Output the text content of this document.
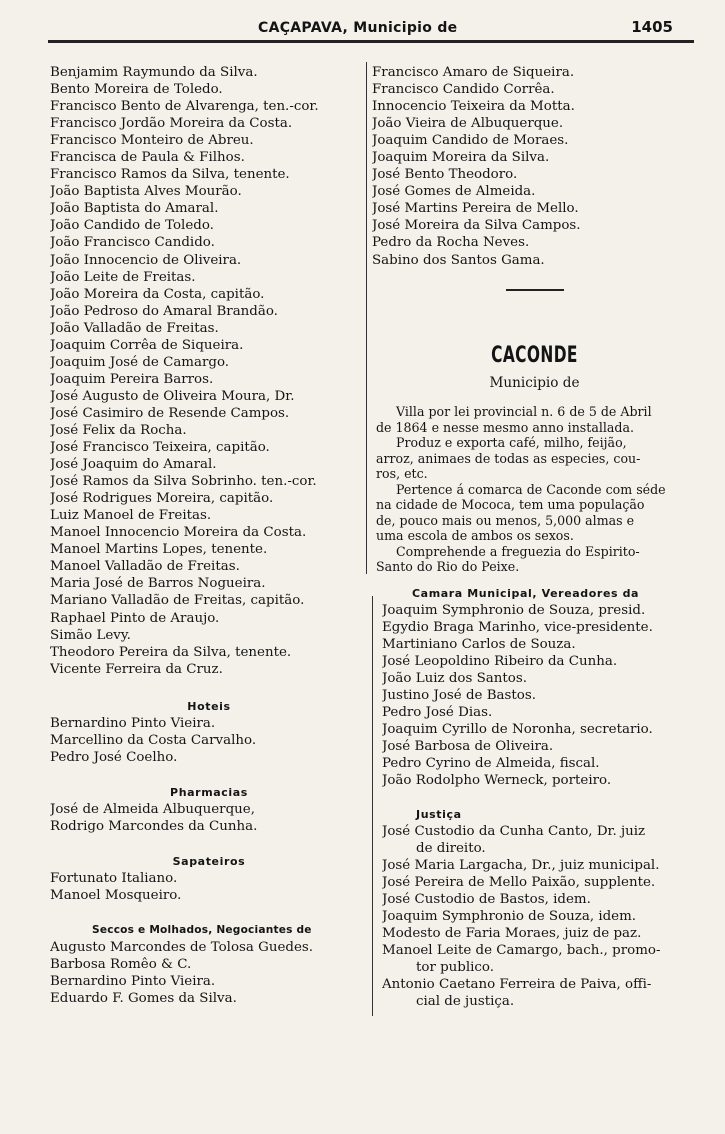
CAÇAPAVA, Municipio de	1405
Benjamim Raymundo da Silva.
Bento Moreira de Toledo.
Francisco Bento de Alvarenga, ten.-cor.
Francisco Jordão Moreira da Costa.
Francisco Monteiro de Abreu.
Francisca de Paula & Filhos.
Francisco Ramos da Silva, tenente.
João Baptista Alves Mourão.
João Baptista do Amaral.
João Candido de Toledo.
João Francisco Candido.
João Innocencio de Oliveira.
João Leite de Freitas.
João Moreira da Costa, capitão.
João Pedroso do Amaral Brandão.
João Valladão de Freitas.
Joaquim Corrêa de Siqueira.
Joaquim José de Camargo.
Joaquim Pereira Barros.
José Augusto de Oliveira Moura, Dr.
José Casimiro de Resende Campos.
José Felix da Rocha.
José Francisco Teixeira, capitão.
José Joaquim do Amaral.
José Ramos da Silva Sobrinho. ten.-cor.
José Rodrigues Moreira, capitão.
Luiz Manoel de Freitas.
Manoel Innocencio Moreira da Costa.
Manoel Martins Lopes, tenente.
Manoel Valladão de Freitas.
Maria José de Barros Nogueira.
Mariano Valladão de Freitas, capitão.
Raphael Pinto de Araujo.
Simão Levy.
Theodoro Pereira da Silva, tenente.
Vicente Ferreira da Cruz.
Hoteis
Bernardino Pinto Vieira.
Marcellino da Costa Carvalho.
Pedro José Coelho.
Pharmacias
José de Almeida Albuquerque,
Rodrigo Marcondes da Cunha.
Sapateiros
Fortunato Italiano.
Manoel Mosqueiro.
Seccos e Molhados, Negociantes de
Augusto Marcondes de Tolosa Guedes.
Barbosa Romêo & C.
Bernardino Pinto Vieira.
Eduardo F. Gomes da Silva.
Francisco Amaro de Siqueira.
Francisco Candido Corrêa.
Innocencio Teixeira da Motta.
João Vieira de Albuquerque.
Joaquim Candido de Moraes.
Joaquim Moreira da Silva.
José Bento Theodoro.
José Gomes de Almeida.
José Martins Pereira de Mello.
José Moreira da Silva Campos.
Pedro da Rocha Neves.
Sabino dos Santos Gama.
CACONDE
Municipio de
Villa por lei provincial n. 6 de 5 de Abril
de 1864 e nesse mesmo anno installada.
Produz e exporta café, milho, feijão,
arroz, animaes de todas as especies, cou-
ros, etc.
Pertence á comarca de Caconde com séde
na cidade de Mococa, tem uma população
de, pouco mais ou menos, 5,000 almas e
uma escola de ambos os sexos.
Comprehende a freguezia do Espirito-
Santo do Rio do Peixe.
Camara Municipal, Vereadores da
Joaquim Symphronio de Souza, presid.
Egydio Braga Marinho, vice-presidente.
Martiniano Carlos de Souza.
José Leopoldino Ribeiro da Cunha.
João Luiz dos Santos.
Justino José de Bastos.
Pedro José Dias.
Joaquim Cyrillo de Noronha, secretario.
José Barbosa de Oliveira.
Pedro Cyrino de Almeida, fiscal.
João Rodolpho Werneck, porteiro.
Justiça
José Custodio da Cunha Canto, Dr. juiz
de direito.
José Maria Largacha, Dr., juiz municipal.
José Pereira de Mello Paixão, supplente.
José Custodio de Bastos, idem.
Joaquim Symphronio de Souza, idem.
Modesto de Faria Moraes, juiz de paz.
Manoel Leite de Camargo, bach., promo-
tor publico.
Antonio Caetano Ferreira de Paiva, offi-
cial de justiça.
